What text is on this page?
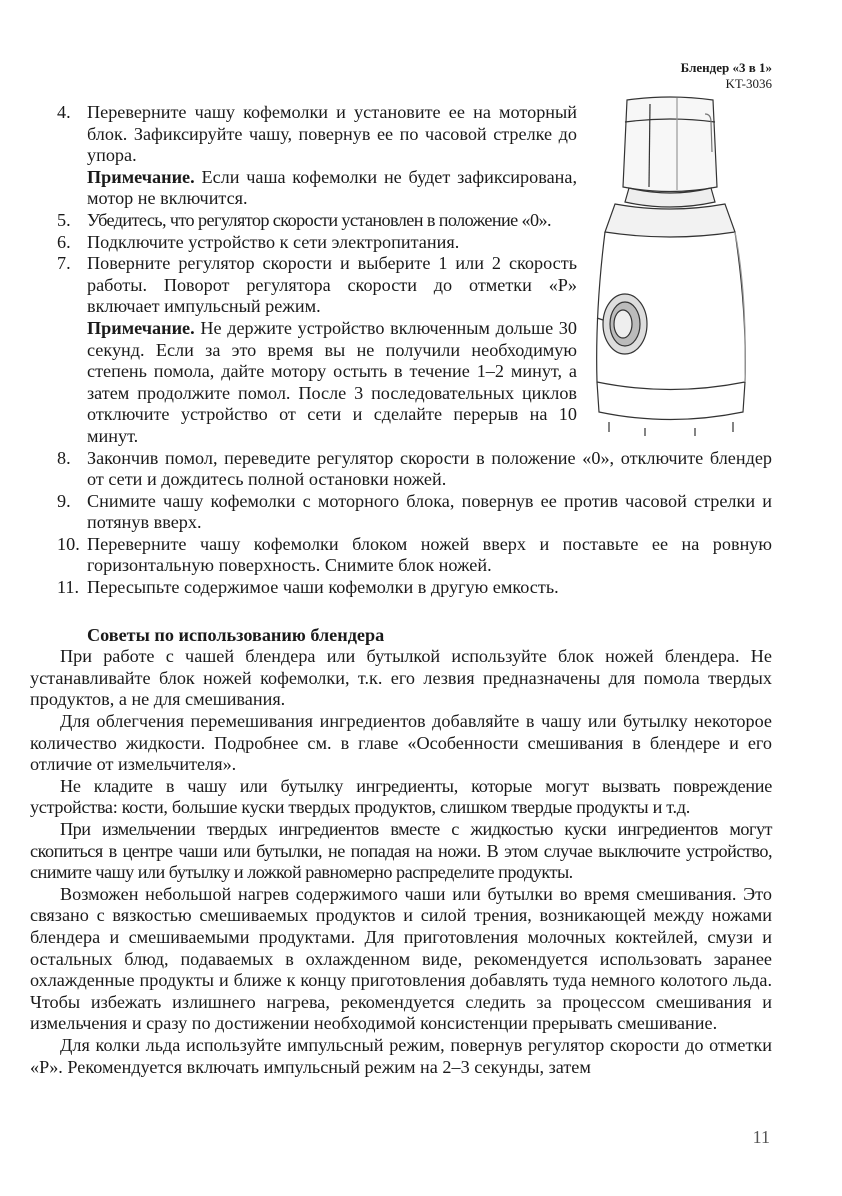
Блендер «3 в 1»
KT-3036
4. Переверните чашу кофемолки и установите ее на моторный блок. Зафиксируйте чашу, повернув ее по часовой стрелке до упора.
Примечание. Если чаша кофемолки не будет зафиксирована, мотор не включится.
5. Убедитесь, что регулятор скорости установлен в положение «0».
6. Подключите устройство к сети электропитания.
7. Поверните регулятор скорости и выберите 1 или 2 скорость работы. Поворот регулятора скорости до отметки «P» включает импульсный режим.
Примечание. Не держите устройство включенным дольше 30 секунд. Если за это время вы не получили необходимую степень помола, дайте мотору остыть в течение 1–2 минут, а затем продолжите помол. После 3 последовательных циклов отключите устройство от сети и сделайте перерыв на 10 минут.
8. Закончив помол, переведите регулятор скорости в положение «0», отключите блендер от сети и дождитесь полной остановки ножей.
9. Снимите чашу кофемолки с моторного блока, повернув ее против часовой стрелки и потянув вверх.
10. Переверните чашу кофемолки блоком ножей вверх и поставьте ее на ровную горизонтальную поверхность. Снимите блок ножей.
11. Пересыпьте содержимое чаши кофемолки в другую емкость.
Советы по использованию блендера

При работе с чашей блендера или бутылкой используйте блок ножей блендера. Не устанавливайте блок ножей кофемолки, т.к. его лезвия предназначены для помола твердых продуктов, а не для смешивания.

Для облегчения перемешивания ингредиентов добавляйте в чашу или бутылку некоторое количество жидкости. Подробнее см. в главе «Особенности смешивания в блендере и его отличие от измельчителя».

Не кладите в чашу или бутылку ингредиенты, которые могут вызвать повреждение устройства: кости, большие куски твердых продуктов, слишком твердые продукты и т.д.

При измельчении твердых ингредиентов вместе с жидкостью куски ингредиентов могут скопиться в центре чаши или бутылки, не попадая на ножи. В этом случае выключите устройство, снимите чашу или бутылку и ложкой равномерно распределите продукты.

Возможен небольшой нагрев содержимого чаши или бутылки во время смешивания. Это связано с вязкостью смешиваемых продуктов и силой трения, возникающей между ножами блендера и смешиваемыми продуктами. Для приготовления молочных коктейлей, смузи и остальных блюд, подаваемых в охлажденном виде, рекомендуется использовать заранее охлажденные продукты и ближе к концу приготовления добавлять туда немного колотого льда. Чтобы избежать излишнего нагрева, рекомендуется следить за процессом смешивания и измельчения и сразу по достижении необходимой консистенции прерывать смешивание.

Для колки льда используйте импульсный режим, повернув регулятор скорости до отметки «P». Рекомендуется включать импульсный режим на 2–3 секунды, затем

11
